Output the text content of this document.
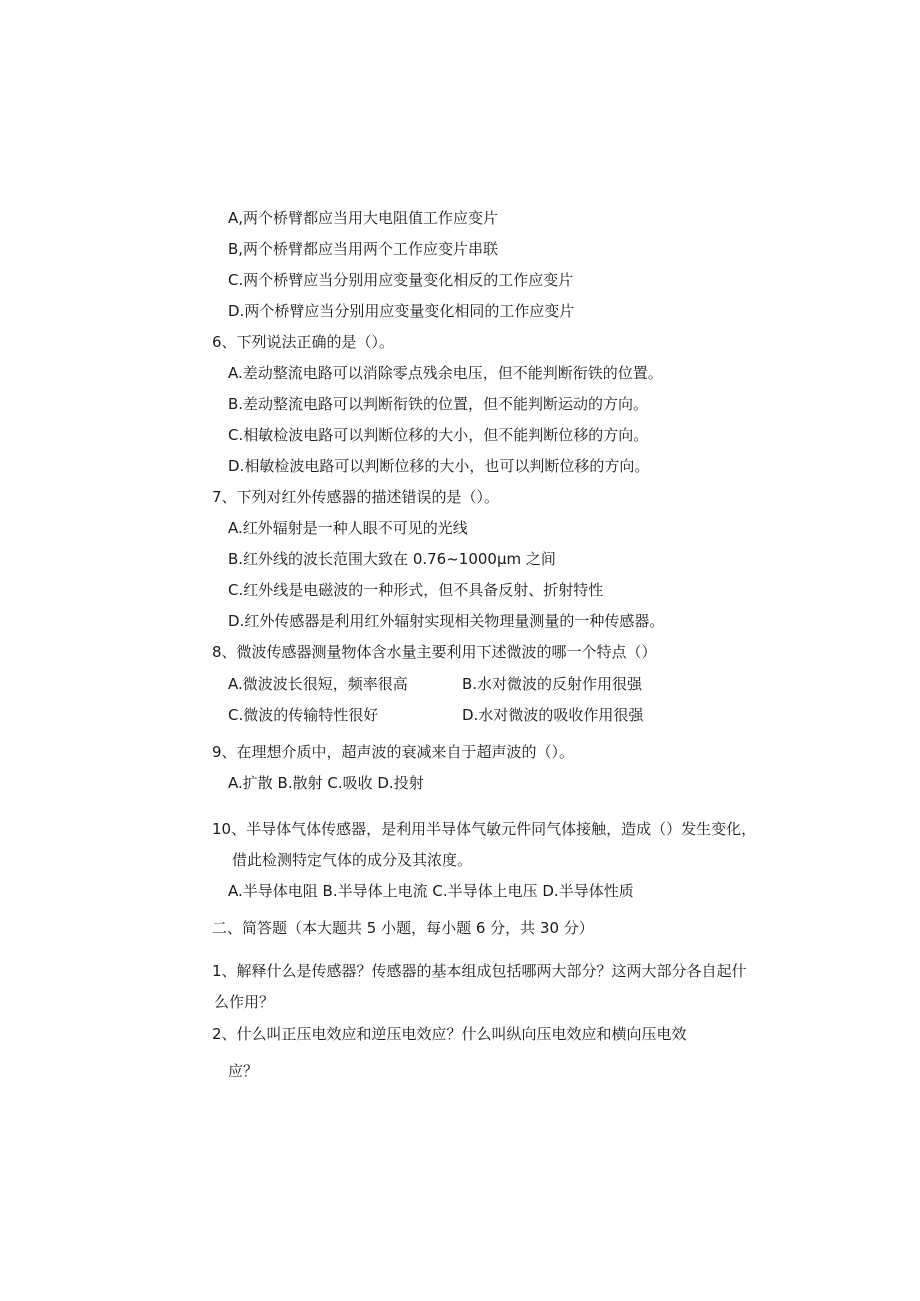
A,两个桥臂都应当用大电阻值工作应变片
B,两个桥臂都应当用两个工作应变片串联
C.两个桥臂应当分别用应变量变化相反的工作应变片
D.两个桥臂应当分别用应变量变化相同的工作应变片
6、下列说法正确的是（）。
A.差动整流电路可以消除零点残余电压，但不能判断衔铁的位置。
B.差动整流电路可以判断衔铁的位置，但不能判断运动的方向。
C.相敏检波电路可以判断位移的大小，但不能判断位移的方向。
D.相敏检波电路可以判断位移的大小，也可以判断位移的方向。
7、下列对红外传感器的描述错误的是（）。
A.红外辐射是一种人眼不可见的光线
B.红外线的波长范围大致在 0.76~1000μm 之间
C.红外线是电磁波的一种形式，但不具备反射、折射特性
D.红外传感器是利用红外辐射实现相关物理量测量的一种传感器。
8、微波传感器测量物体含水量主要利用下述微波的哪一个特点（）
A.微波波长很短，频率很高	B.水对微波的反射作用很强
C.微波的传输特性很好	D.水对微波的吸收作用很强
9、在理想介质中，超声波的衰减来自于超声波的（）。
A.扩散 B.散射 C.吸收 D.投射
10、半导体气体传感器，是利用半导体气敏元件同气体接触，造成（）发生变化，
借此检测特定气体的成分及其浓度。
A.半导体电阻 B.半导体上电流 C.半导体上电压 D.半导体性质
二、简答题（本大题共 5 小题，每小题 6 分，共 30 分）
1、解释什么是传感器？传感器的基本组成包括哪两大部分？这两大部分各自起什
么作用？
2、什么叫正压电效应和逆压电效应？什么叫纵向压电效应和横向压电效
应？
